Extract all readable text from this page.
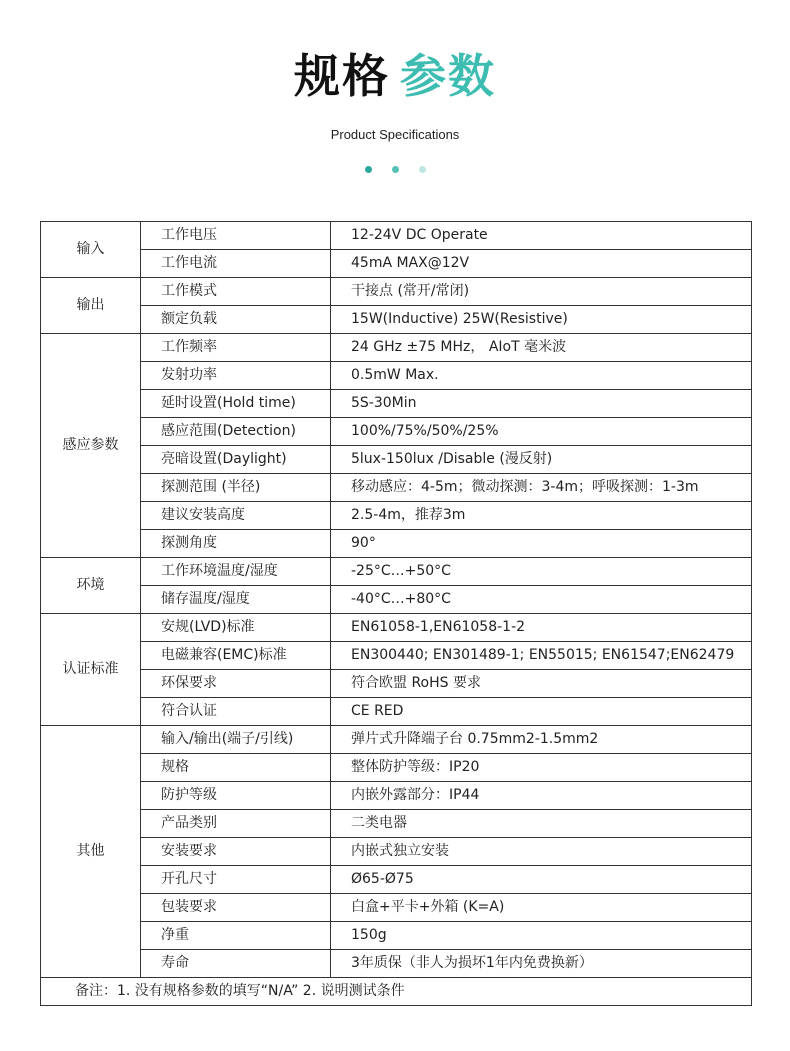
规格 参数
Product Specifications

输入	工作电压	12-24V DC Operate
	工作电流	45mA MAX@12V
输出	工作模式	干接点 (常开/常闭)
	额定负载	15W(Inductive) 25W(Resistive)
感应参数	工作频率	24 GHz ±75 MHz， AIoT 毫米波
	发射功率	0.5mW Max.
	延时设置(Hold time)	5S-30Min
	感应范围(Detection)	100%/75%/50%/25%
	亮暗设置(Daylight)	5lux-150lux /Disable (漫反射)
	探测范围 (半径)	移动感应：4-5m；微动探测：3-4m；呼吸探测：1-3m
	建议安装高度	2.5-4m，推荐3m
	探测角度	90°
环境	工作环境温度/湿度	-25°C…+50°C
	储存温度/湿度	-40°C…+80°C
认证标准	安规(LVD)标准	EN61058-1,EN61058-1-2
	电磁兼容(EMC)标准	EN300440; EN301489-1; EN55015; EN61547;EN62479
	环保要求	符合欧盟 RoHS 要求
	符合认证	CE RED
其他	输入/输出(端子/引线)	弹片式升降端子台 0.75mm2-1.5mm2
	规格	整体防护等级：IP20
	防护等级	内嵌外露部分：IP44
	产品类别	二类电器
	安装要求	内嵌式独立安装
	开孔尺寸	Ø65-Ø75
	包装要求	白盒+平卡+外箱 (K=A)
	净重	150g
	寿命	3年质保（非人为损坏1年内免费换新）
备注：1. 没有规格参数的填写“N/A” 2. 说明测试条件		
